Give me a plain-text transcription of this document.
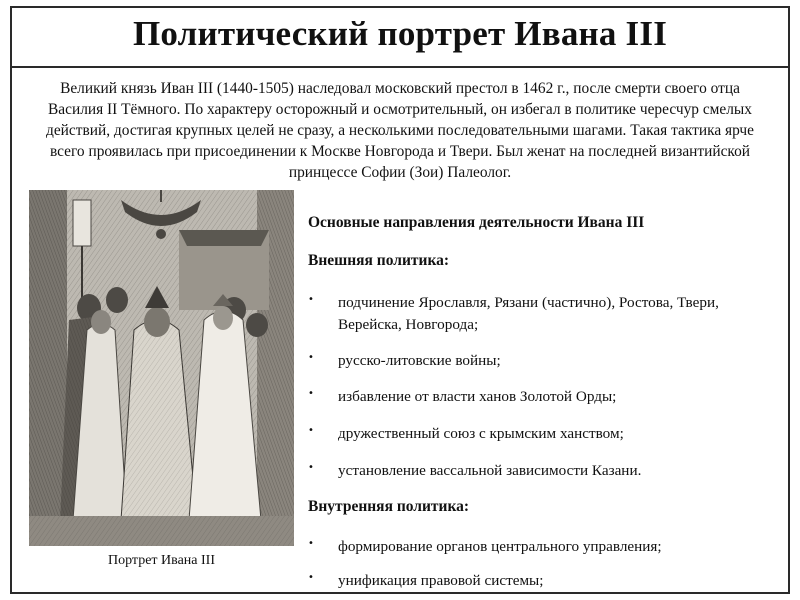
Политический портрет Ивана III

Великий князь Иван III (1440-1505) наследовал московский престол в 1462 г., после смерти своего отца Василия II Тёмного. По характеру осторожный и осмотрительный, он избегал в политике чересчур смелых действий, достигая крупных целей не сразу, а несколькими последовательными шагами. Такая тактика ярче всего проявилась при присоединении к Москве Новгорода и Твери. Был женат на последней византийской принцессе Софии (Зои) Палеолог.

Портрет Ивана III

Основные направления деятельности Ивана III
Внешняя политика:
• подчинение Ярославля, Рязани (частично), Ростова, Твери, Верейска, Новгорода;
• русско-литовские войны;
• избавление от власти ханов Золотой Орды;
• дружественный союз с крымским ханством;
• установление вассальной зависимости Казани.
Внутренняя политика:
• формирование органов центрального управления;
• унификация правовой системы;
